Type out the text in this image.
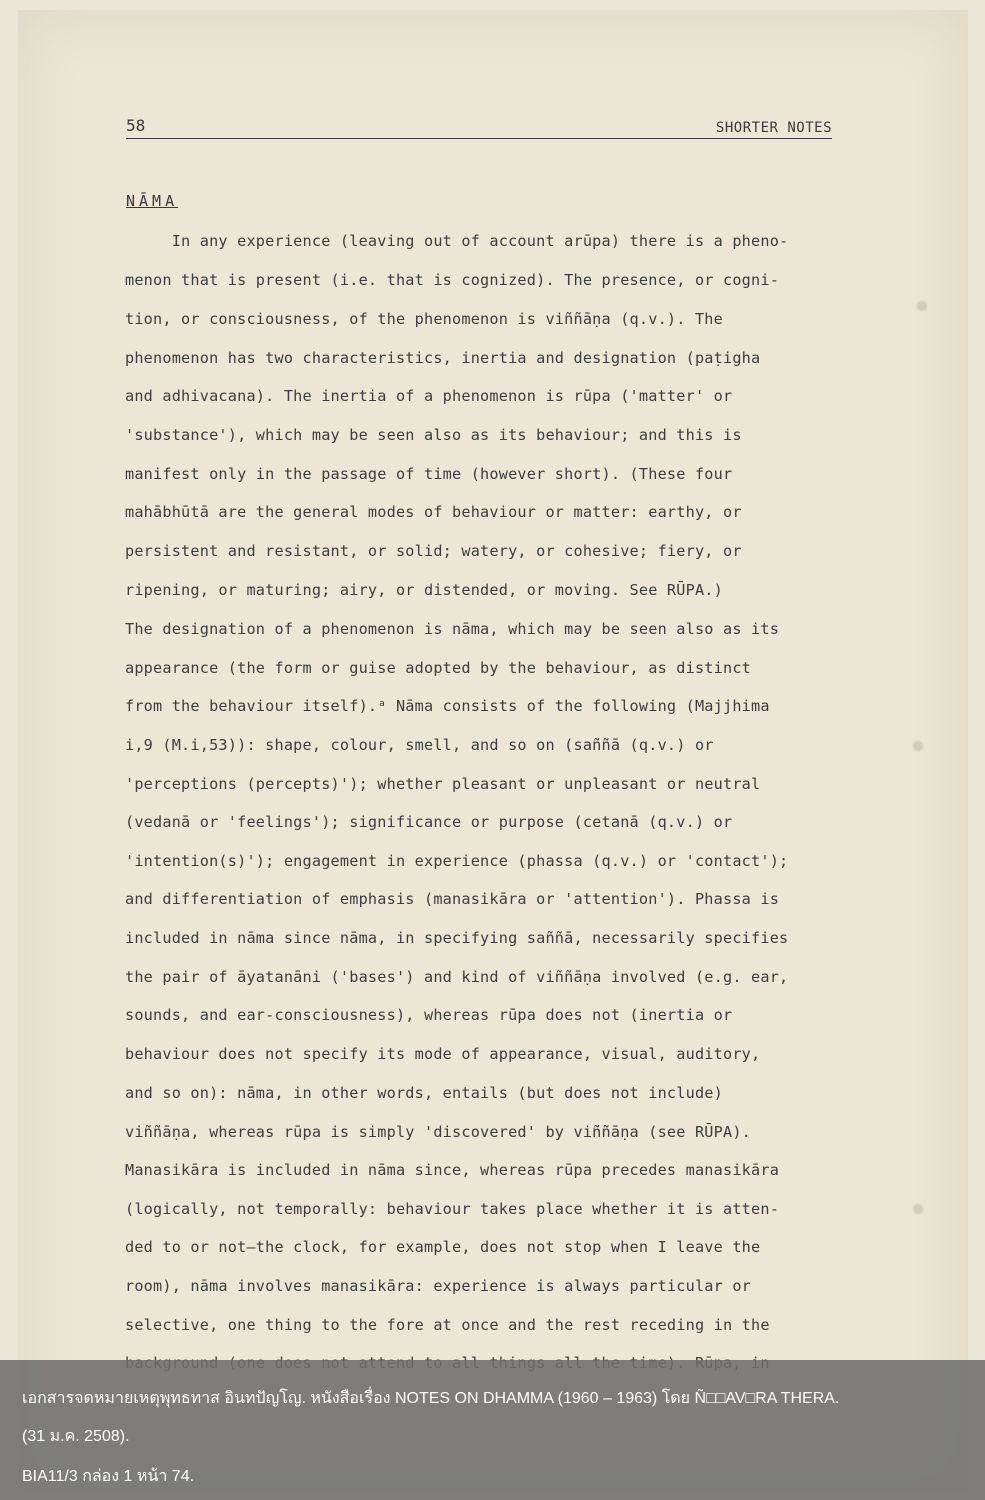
58	SHORTER NOTES
NĀMA
In any experience (leaving out of account arūpa) there is a pheno-
menon that is present (i.e. that is cognized). The presence, or cogni-
tion, or consciousness, of the phenomenon is viññāṇa (q.v.). The
phenomenon has two characteristics, inertia and designation (paṭigha
and adhivacana). The inertia of a phenomenon is rūpa ('matter' or
'substance'), which may be seen also as its behaviour; and this is
manifest only in the passage of time (however short). (These four
mahābhūtā are the general modes of behaviour or matter: earthy, or
persistent and resistant, or solid; watery, or cohesive; fiery, or
ripening, or maturing; airy, or distended, or moving. See RŪPA.)
The designation of a phenomenon is nāma, which may be seen also as its
appearance (the form or guise adopted by the behaviour, as distinct
from the behaviour itself).ᵃ Nāma consists of the following (Majjhima
i,9 (M.i,53)): shape, colour, smell, and so on (saññā (q.v.) or
'perceptions (percepts)'); whether pleasant or unpleasant or neutral
(vedanā or 'feelings'); significance or purpose (cetanā (q.v.) or
'intention(s)'); engagement in experience (phassa (q.v.) or 'contact');
and differentiation of emphasis (manasikāra or 'attention'). Phassa is
included in nāma since nāma, in specifying saññā, necessarily specifies
the pair of āyatanāni ('bases') and kind of viññāṇa involved (e.g. ear,
sounds, and ear-consciousness), whereas rūpa does not (inertia or
behaviour does not specify its mode of appearance, visual, auditory,
and so on): nāma, in other words, entails (but does not include)
viññāṇa, whereas rūpa is simply 'discovered' by viññāṇa (see RŪPA).
Manasikāra is included in nāma since, whereas rūpa precedes manasikāra
(logically, not temporally: behaviour takes place whether it is atten-
ded to or not—the clock, for example, does not stop when I leave the
room), nāma involves manasikāra: experience is always particular or
selective, one thing to the fore at once and the rest receding in the
เอกสารจดหมายเหตุพุทธทาส อินทปัญโญ. หนังสือเรื่อง NOTES ON DHAMMA (1960 – 1963) โดย Ñ□□AV□RA THERA.
(31 ม.ค. 2508).
BIA11/3 กล่อง 1 หน้า 74.
